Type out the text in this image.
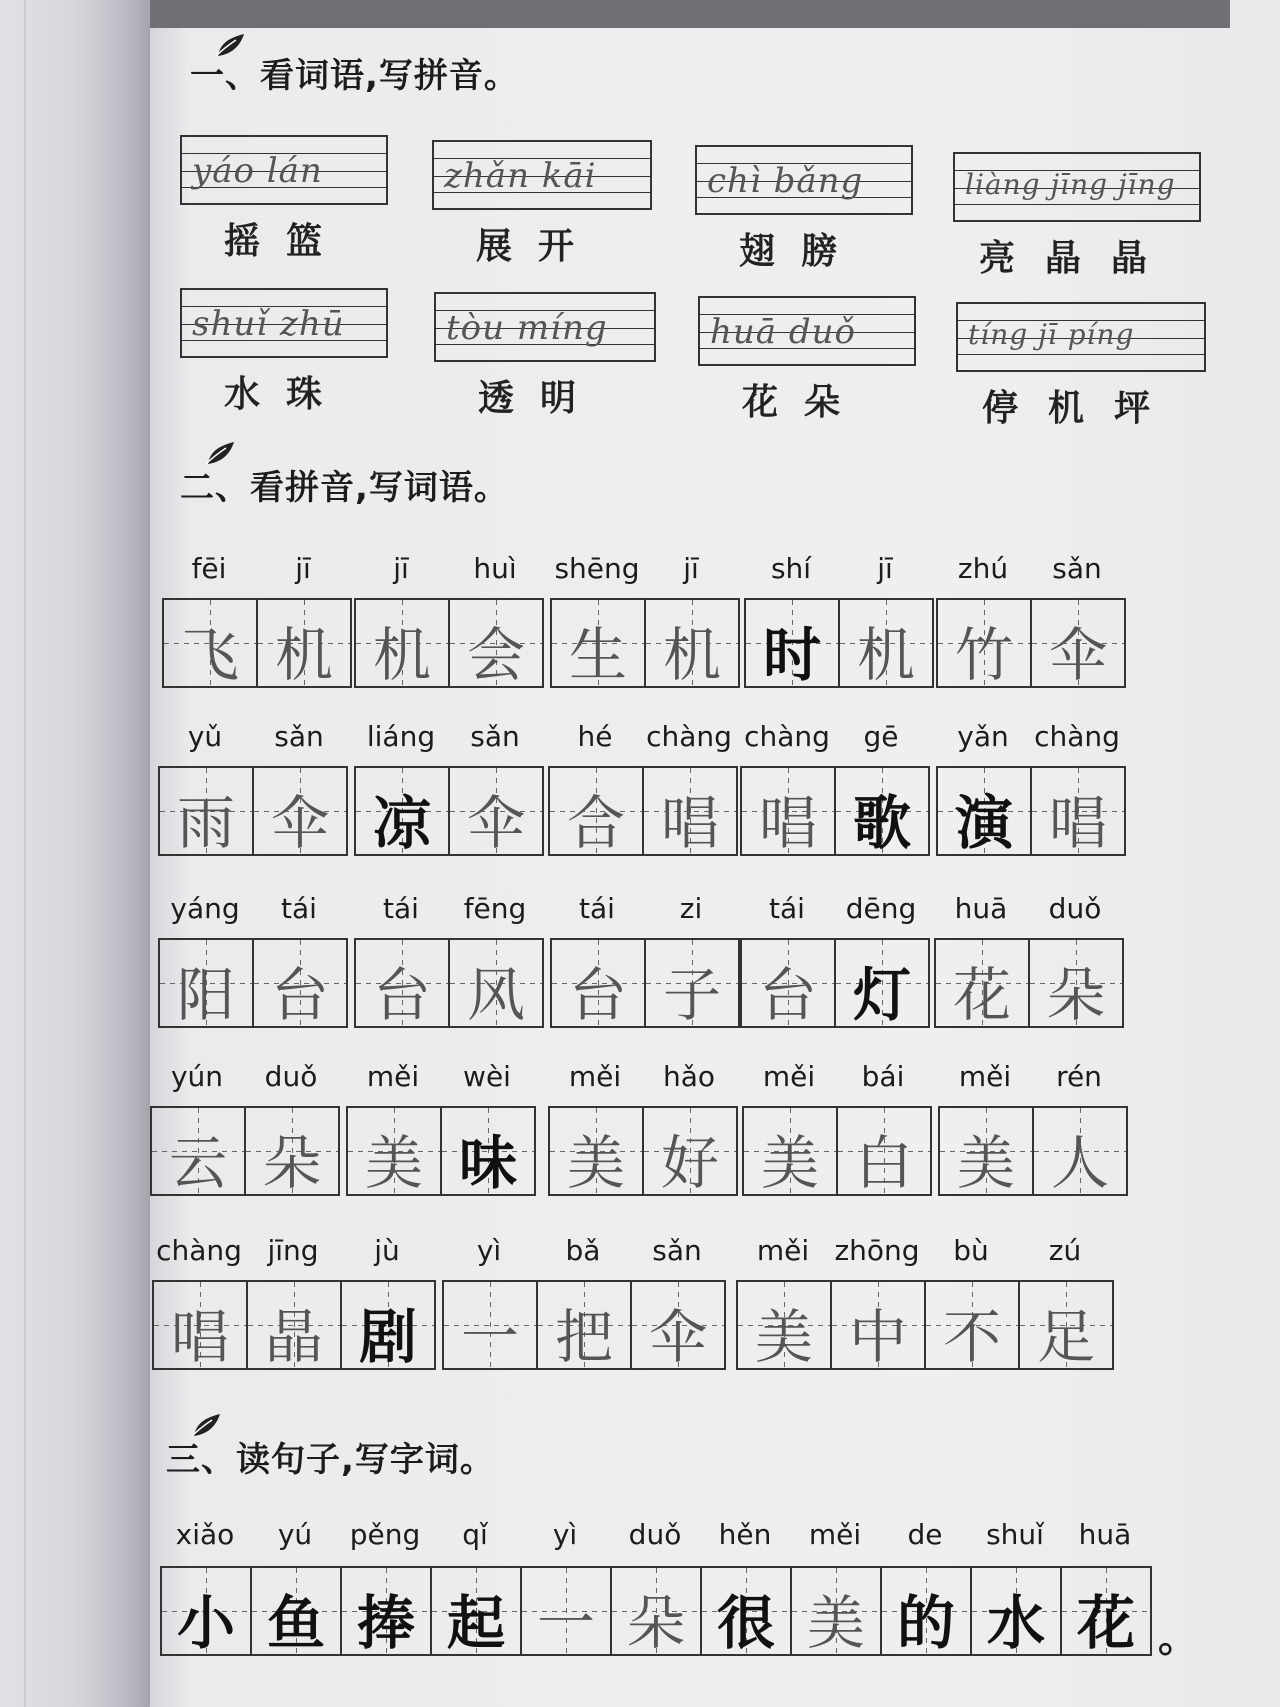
一、看词语,写拼音。
yáo lán
摇篮
zhǎn kāi
展开
chì bǎng
翅膀
liàng jīng jīng
亮晶晶
shuǐ zhū
水珠
tòu míng
透明
huā duǒ
花朵
tíng jī píng
停机坪
二、看拼音,写词语。
fēi	jī
飞 机
jī	huì
机 会
shēng	jī
生 机
shí	jī
时 机
zhú	sǎn
竹 伞
yǔ	sǎn
雨 伞
liáng	sǎn
凉 伞
hé	chàng
合 唱
chàng	gē
唱 歌
yǎn chàng
演 唱
yáng	tái
阳 台
tái	fēng
台 风
tái	zi
台 子
tái	dēng
台 灯
huā	duǒ
花 朵
yún	duǒ
云 朵
měi	wèi
美 味
měi	hǎo
美 好
měi	bái
美 白
měi	rén
美 人
chàng jīng	jù
唱 晶 剧
yì	bǎ	sǎn
一 把 伞
měi zhōng	bù	zú
美 中 不 足
三、读句子,写字词。
xiǎo	yú	pěng	qǐ	yì	duǒ	hěn	měi	de	shuǐ	huā
小 鱼 捧 起 一 朵 很 美 的 水 花 。
